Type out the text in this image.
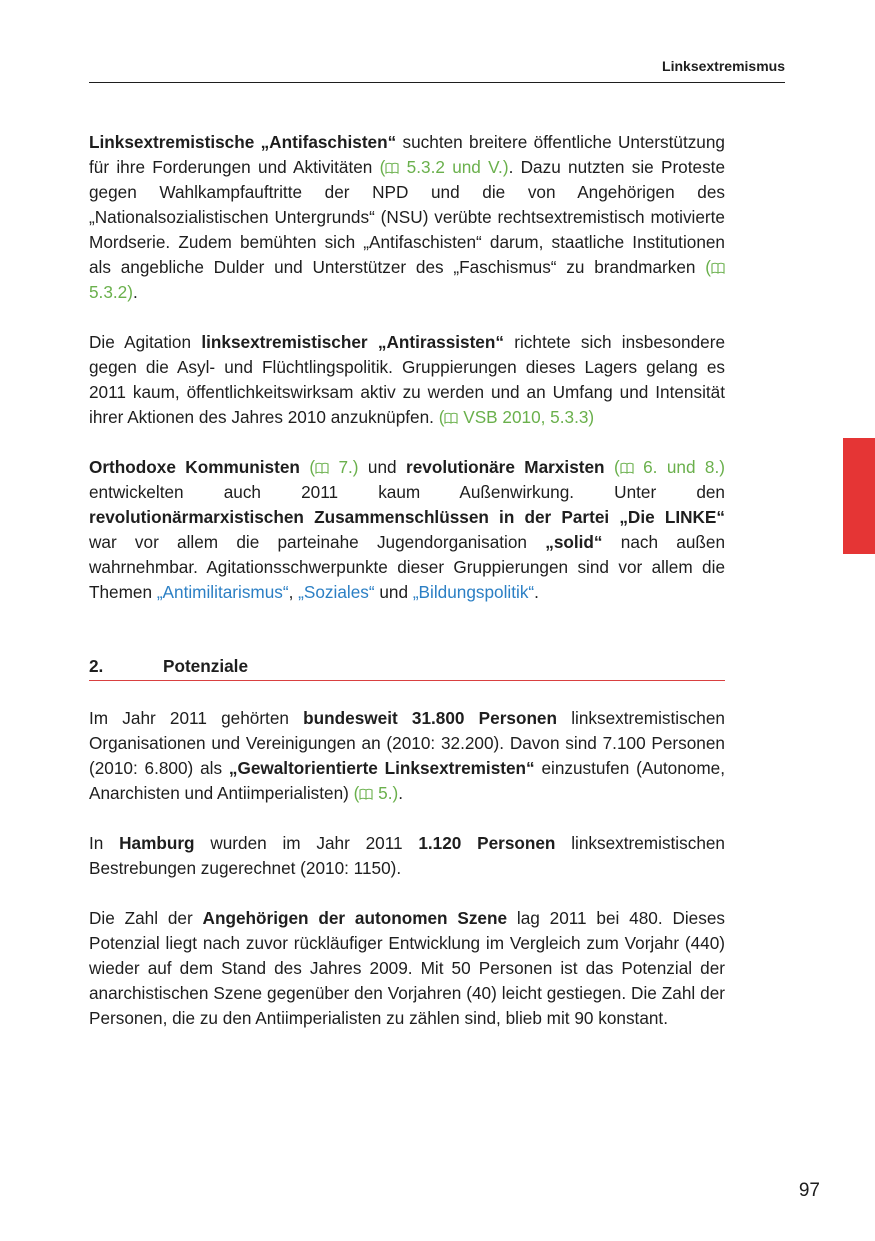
Linksextremismus

Linksextremistische „Antifaschisten“ suchten breitere öffentliche Unterstützung für ihre Forderungen und Aktivitäten ( 5.3.2 und V.). Dazu nutzten sie Proteste gegen Wahlkampfauftritte der NPD und die von Angehörigen des „Nationalsozialistischen Untergrunds“ (NSU) verübte rechtsextremistisch motivierte Mordserie. Zudem bemühten sich „Antifaschisten“ darum, staatliche Institutionen als angebliche Dulder und Unterstützer des „Faschismus“ zu brandmarken ( 5.3.2).

Die Agitation linksextremistischer „Antirassisten“ richtete sich insbesondere gegen die Asyl- und Flüchtlingspolitik. Gruppierungen dieses Lagers gelang es 2011 kaum, öffentlichkeitswirksam aktiv zu werden und an Umfang und Intensität ihrer Aktionen des Jahres 2010 anzuknüpfen. ( VSB 2010, 5.3.3)

Orthodoxe Kommunisten ( 7.) und revolutionäre Marxisten ( 6. und 8.) entwickelten auch 2011 kaum Außenwirkung. Unter den revolutionärmarxistischen Zusammenschlüssen in der Partei „Die LINKE“ war vor allem die parteinahe Jugendorganisation „solid“ nach außen wahrnehmbar. Agitationsschwerpunkte dieser Gruppierungen sind vor allem die Themen „Antimilitarismus“, „Soziales“ und „Bildungspolitik“.

2.	Potenziale

Im Jahr 2011 gehörten bundesweit 31.800 Personen linksextremistischen Organisationen und Vereinigungen an (2010: 32.200). Davon sind 7.100 Personen (2010: 6.800) als „Gewaltorientierte Linksextremisten“ einzustufen (Autonome, Anarchisten und Antiimperialisten) ( 5.).

In Hamburg wurden im Jahr 2011 1.120 Personen linksextremistischen Bestrebungen zugerechnet (2010: 1150).

Die Zahl der Angehörigen der autonomen Szene lag 2011 bei 480. Dieses Potenzial liegt nach zuvor rückläufiger Entwicklung im Vergleich zum Vorjahr (440) wieder auf dem Stand des Jahres 2009. Mit 50 Personen ist das Potenzial der anarchistischen Szene gegenüber den Vorjahren (40) leicht gestiegen. Die Zahl der Personen, die zu den Antiimperialisten zu zählen sind, blieb mit 90 konstant.

97
